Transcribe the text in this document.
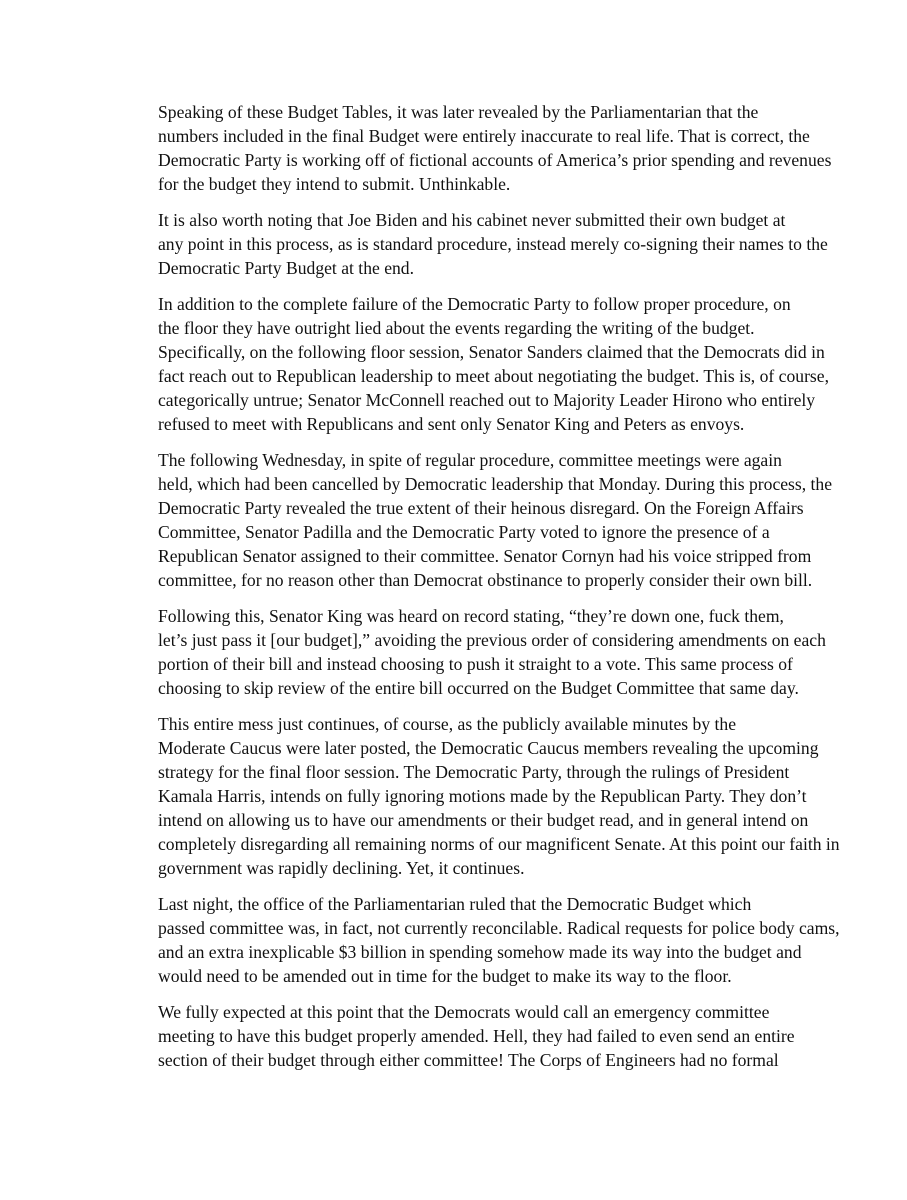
Speaking of these Budget Tables, it was later revealed by the Parliamentarian that the
numbers included in the final Budget were entirely inaccurate to real life. That is correct, the
Democratic Party is working off of fictional accounts of America’s prior spending and revenues
for the budget they intend to submit. Unthinkable.

It is also worth noting that Joe Biden and his cabinet never submitted their own budget at
any point in this process, as is standard procedure, instead merely co-signing their names to the
Democratic Party Budget at the end.

In addition to the complete failure of the Democratic Party to follow proper procedure, on
the floor they have outright lied about the events regarding the writing of the budget.
Specifically, on the following floor session, Senator Sanders claimed that the Democrats did in
fact reach out to Republican leadership to meet about negotiating the budget. This is, of course,
categorically untrue; Senator McConnell reached out to Majority Leader Hirono who entirely
refused to meet with Republicans and sent only Senator King and Peters as envoys.

The following Wednesday, in spite of regular procedure, committee meetings were again
held, which had been cancelled by Democratic leadership that Monday. During this process, the
Democratic Party revealed the true extent of their heinous disregard. On the Foreign Affairs
Committee, Senator Padilla and the Democratic Party voted to ignore the presence of a
Republican Senator assigned to their committee. Senator Cornyn had his voice stripped from
committee, for no reason other than Democrat obstinance to properly consider their own bill.

Following this, Senator King was heard on record stating, “they’re down one, fuck them,
let’s just pass it [our budget],” avoiding the previous order of considering amendments on each
portion of their bill and instead choosing to push it straight to a vote. This same process of
choosing to skip review of the entire bill occurred on the Budget Committee that same day.

This entire mess just continues, of course, as the publicly available minutes by the
Moderate Caucus were later posted, the Democratic Caucus members revealing the upcoming
strategy for the final floor session. The Democratic Party, through the rulings of President
Kamala Harris, intends on fully ignoring motions made by the Republican Party. They don’t
intend on allowing us to have our amendments or their budget read, and in general intend on
completely disregarding all remaining norms of our magnificent Senate. At this point our faith in
government was rapidly declining. Yet, it continues.

Last night, the office of the Parliamentarian ruled that the Democratic Budget which
passed committee was, in fact, not currently reconcilable. Radical requests for police body cams,
and an extra inexplicable $3 billion in spending somehow made its way into the budget and
would need to be amended out in time for the budget to make its way to the floor.

We fully expected at this point that the Democrats would call an emergency committee
meeting to have this budget properly amended. Hell, they had failed to even send an entire
section of their budget through either committee! The Corps of Engineers had no formal
